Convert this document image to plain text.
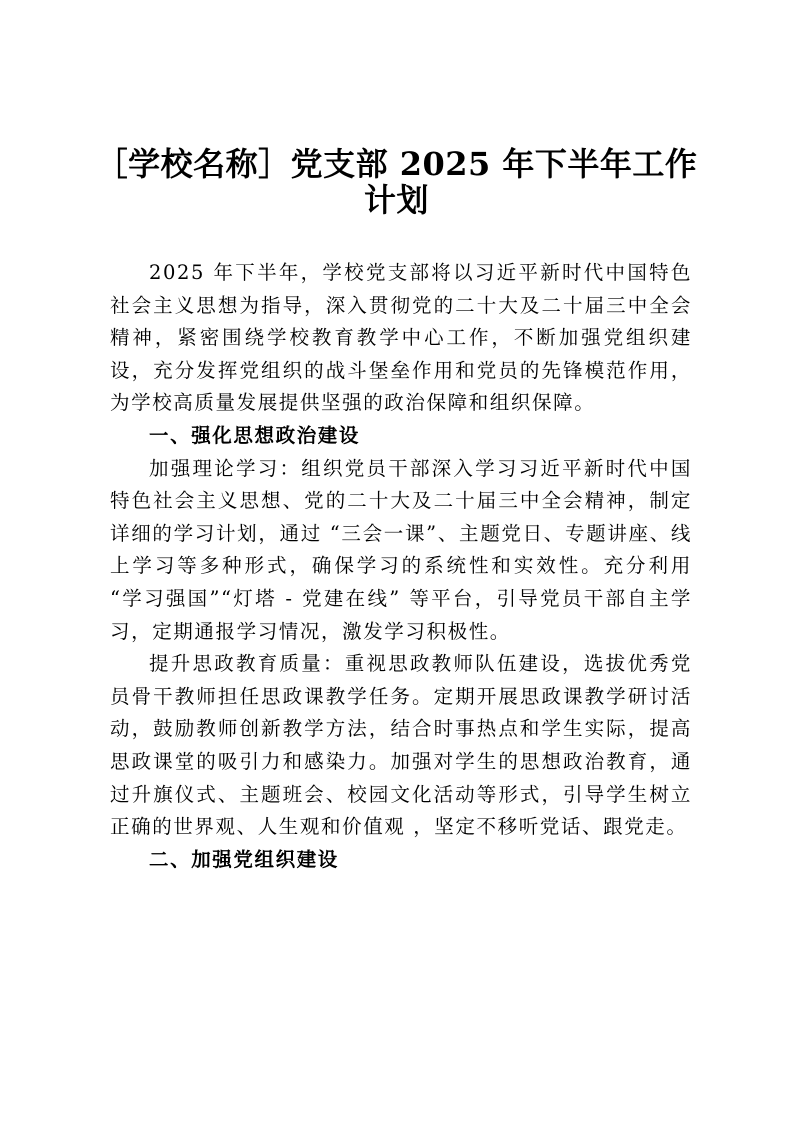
［学校名称］党支部 2025 年下半年工作计划

2025 年下半年，学校党支部将以习近平新时代中国特色社会主义思想为指导，深入贯彻党的二十大及二十届三中全会精神，紧密围绕学校教育教学中心工作，不断加强党组织建设，充分发挥党组织的战斗堡垒作用和党员的先锋模范作用，为学校高质量发展提供坚强的政治保障和组织保障。

一、强化思想政治建设

加强理论学习：组织党员干部深入学习习近平新时代中国特色社会主义思想、党的二十大及二十届三中全会精神，制定详细的学习计划，通过 “三会一课”、主题党日、专题讲座、线上学习等多种形式，确保学习的系统性和实效性。充分利用 “学习强国”“灯塔 - 党建在线” 等平台，引导党员干部自主学习，定期通报学习情况，激发学习积极性。

提升思政教育质量：重视思政教师队伍建设，选拔优秀党员骨干教师担任思政课教学任务。定期开展思政课教学研讨活动，鼓励教师创新教学方法，结合时事热点和学生实际，提高思政课堂的吸引力和感染力。加强对学生的思想政治教育，通过升旗仪式、主题班会、校园文化活动等形式，引导学生树立正确的世界观、人生观和价值观 ，坚定不移听党话、跟党走。

二、加强党组织建设
